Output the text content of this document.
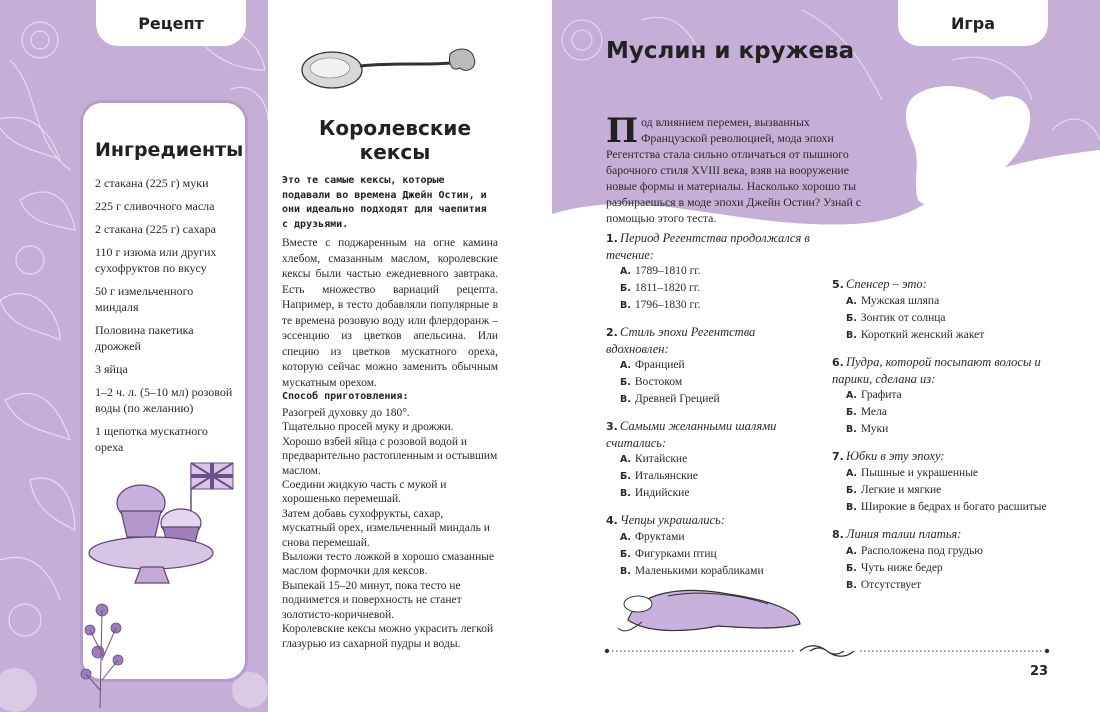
Рецепт
Ингредиенты
2 стакана (225 г) муки
225 г сливочного масла
2 стакана (225 г) сахара
110 г изюма или других сухофруктов по вкусу
50 г измельченного миндаля
Половина пакетика дрожжей
3 яйца
1–2 ч. л. (5–10 мл) розовой воды (по желанию)
1 щепотка мускатного ореха
Королевские
кексы
Это те самые кексы, которые подавали во времена Джейн Остин, и они идеально подходят для чаепития с друзьями.
Вместе с поджаренным на огне камина хлебом, смазанным маслом, королевские кексы были частью ежедневного завтрака. Есть множество вариаций рецепта. Например, в тесто добавляли популярные в те времена розовую воду или флердоранж – эссенцию из цветков апельсина. Или специю из цветков мускатного ореха, которую сейчас можно заменить обычным мускатным орехом.
Способ приготовления:

Разогрей духовку до 180°.

Тщательно просей муку и дрожжи.

Хорошо взбей яйца с розовой водой и предварительно растопленным и остывшим маслом.

Соедини жидкую часть с мукой и хорошенько перемешай.

Затем добавь сухофрукты, сахар, мускатный орех, измельченный миндаль и снова перемешай.

Выложи тесто ложкой в хорошо смазанные маслом формочки для кексов.

Выпекай 15–20 минут, пока тесто не поднимется и поверхность не станет золотисто-коричневой.

Королевские кексы можно украсить легкой глазурью из сахарной пудры и воды.

Игра
Муслин и кружева
Под влиянием перемен, вызванных Французской революцией, мода эпохи Регентства стала сильно отличаться от пышного барочного стиля XVIII века, взяв на вооружение новые формы и материалы. Насколько хорошо ты разбираешься в моде эпохи Джейн Остин? Узнай с помощью этого теста.
1. Период Регентства продолжался в течение:
А. 1789–1810 гг.
Б. 1811–1820 гг.
В. 1796–1830 гг.
2. Стиль эпохи Регентства вдохновлен:
А. Францией
Б. Востоком
В. Древней Грецией
3. Самыми желанными шалями считались:
А. Китайские
Б. Итальянские
В. Индийские
4. Чепцы украшались:
А. Фруктами
Б. Фигурками птиц
В. Маленькими корабликами
5. Спенсер – это:
А. Мужская шляпа
Б. Зонтик от солнца
В. Короткий женский жакет
6. Пудра, которой посыпают волосы и парики, сделана из:
А. Графита
Б. Мела
В. Муки
7. Юбки в эту эпоху:
А. Пышные и украшенные
Б. Легкие и мягкие
В. Широкие в бедрах и богато расшитые
8. Линия талии платья:
А. Расположена под грудью
Б. Чуть ниже бедер
В. Отсутствует
23
